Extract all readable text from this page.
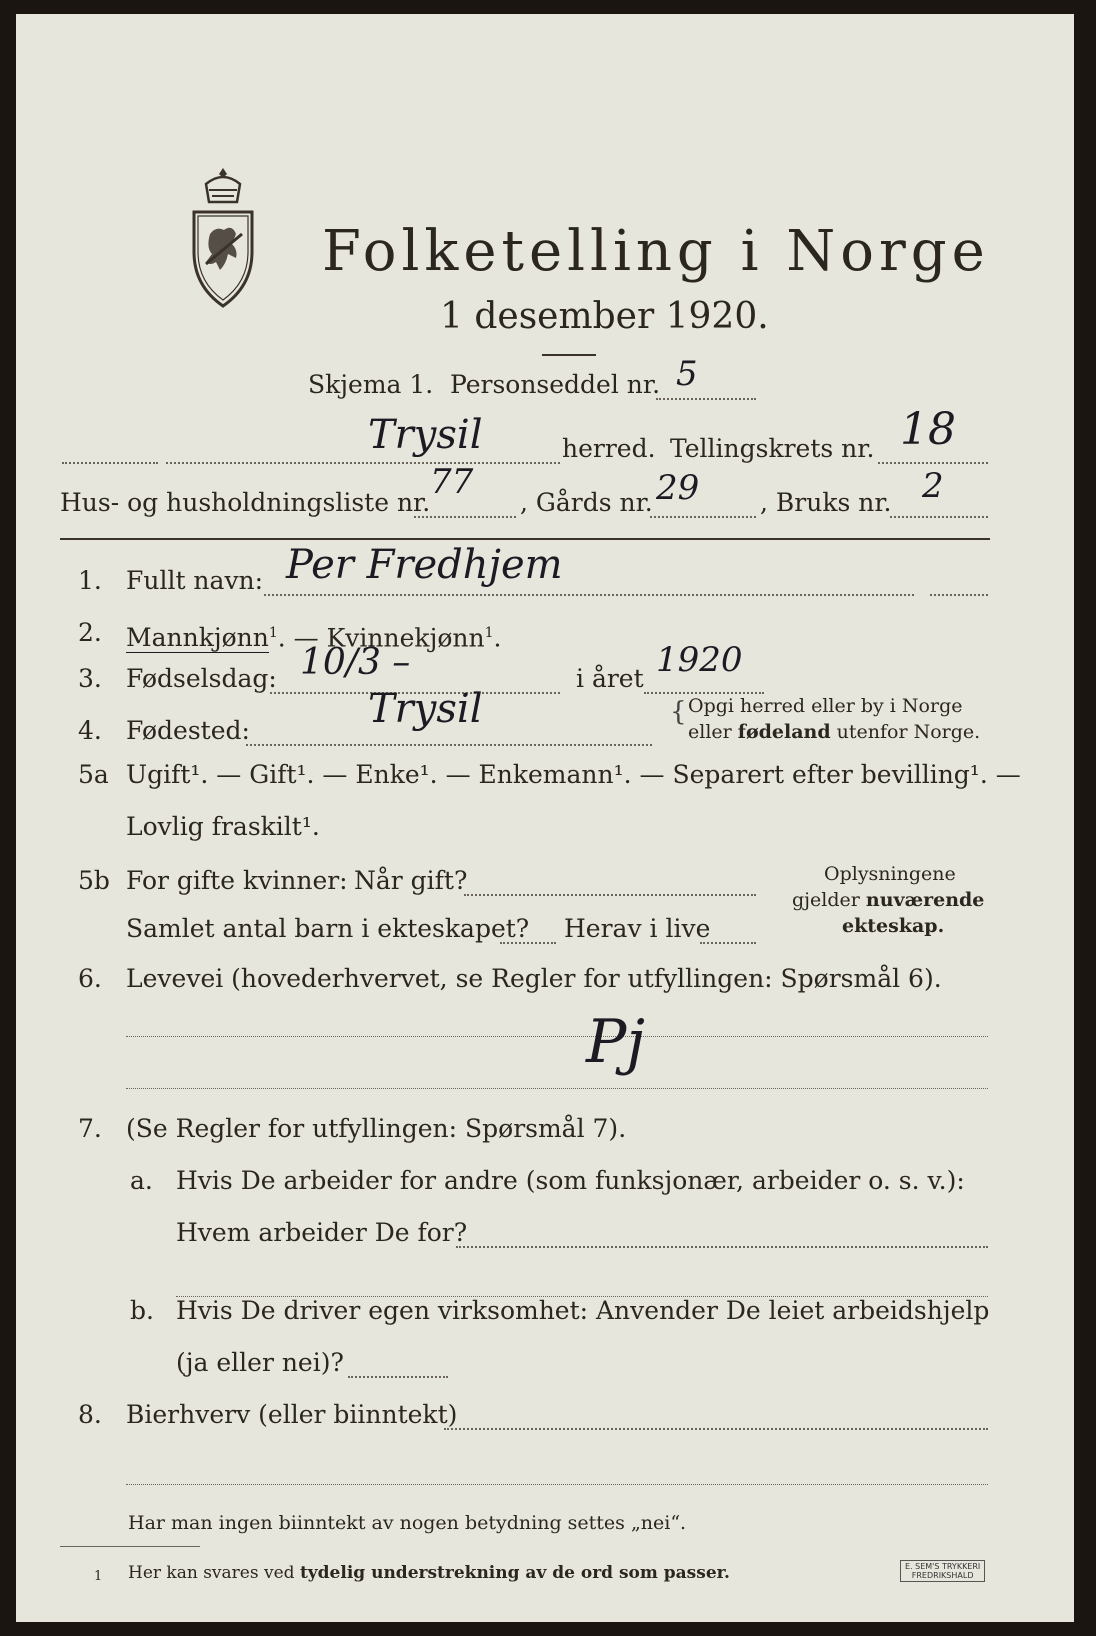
Folketelling i Norge
1 desember 1920.
Skjema 1. Personseddel nr. 5
Trysil	herred. Tellingskrets nr. 18
Hus- og husholdningsliste nr.
77
, Gårds nr. 29 , Bruks nr. 2
1. Fullt navn: Per Fredhjem
2. Mannkjønn$^1$. — Kvinnekjønn$^1$.
3. Fødselsdag: 10/3 –	i året 1920
4. Fødested:	Trysil	{ Opgi herred eller by i Norge
eller fødeland utenfor Norge.
5a Ugift¹. — Gift¹. — Enke¹. — Enkemann¹. — Separert efter bevilling¹. —
Lovlig fraskilt¹.
5b For gifte kvinner: Når gift?
Samlet antal barn i ekteskapet? Herav i live
Oplysningene
gjelder nuværende
ekteskap.
6. Levevei (hovederhvervet, se Regler for utfyllingen: Spørsmål 6).
Pj
7. (Se Regler for utfyllingen: Spørsmål 7).
a. Hvis De arbeider for andre (som funksjonær, arbeider o. s. v.):
Hvem arbeider De for?
b. Hvis De driver egen virksomhet: Anvender De leiet arbeidshjelp
(ja eller nei)?
8. Bierhverv (eller biinntekt)
Har man ingen biinntekt av nogen betydning settes „nei“.
1 Her kan svares ved tydelig understrekning av de ord som passer.	E. SEM'S TRYKKERI
FREDRIKSHALD
